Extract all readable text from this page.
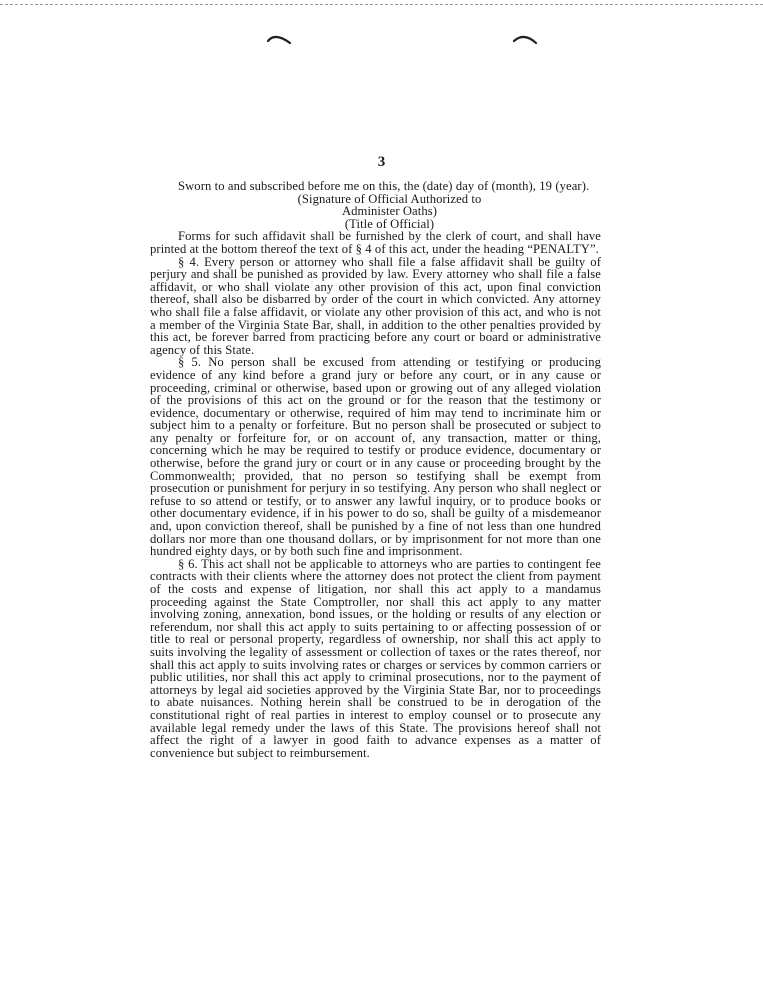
3

Sworn to and subscribed before me on this, the (date) day of (month), 19 (year).

(Signature of Official Authorized to

Administer Oaths)

(Title of Official)

Forms for such affidavit shall be furnished by the clerk of court, and shall have printed at the bottom thereof the text of § 4 of this act, under the heading “PENALTY”.

§ 4. Every person or attorney who shall file a false affidavit shall be guilty of perjury and shall be punished as provided by law. Every attorney who shall file a false affidavit, or who shall violate any other provision of this act, upon final conviction thereof, shall also be disbarred by order of the court in which convicted. Any attorney who shall file a false affidavit, or violate any other provision of this act, and who is not a member of the Virginia State Bar, shall, in addition to the other penalties provided by this act, be forever barred from practicing before any court or board or administrative agency of this State.

§ 5. No person shall be excused from attending or testifying or producing evidence of any kind before a grand jury or before any court, or in any cause or proceeding, criminal or otherwise, based upon or growing out of any alleged violation of the provisions of this act on the ground or for the reason that the testimony or evidence, documentary or otherwise, required of him may tend to incriminate him or subject him to a penalty or forfeiture. But no person shall be prosecuted or subject to any penalty or forfeiture for, or on account of, any transaction, matter or thing, concerning which he may be required to testify or produce evidence, documentary or otherwise, before the grand jury or court or in any cause or proceeding brought by the Commonwealth; provided, that no person so testifying shall be exempt from prosecution or punishment for perjury in so testifying. Any person who shall neglect or refuse to so attend or testify, or to answer any lawful inquiry, or to produce books or other documentary evidence, if in his power to do so, shall be guilty of a misdemeanor and, upon conviction thereof, shall be punished by a fine of not less than one hundred dollars nor more than one thousand dollars, or by imprisonment for not more than one hundred eighty days, or by both such fine and imprisonment.

§ 6. This act shall not be applicable to attorneys who are parties to contingent fee contracts with their clients where the attorney does not protect the client from payment of the costs and expense of litigation, nor shall this act apply to a mandamus proceeding against the State Comptroller, nor shall this act apply to any matter involving zoning, annexation, bond issues, or the holding or results of any election or referendum, nor shall this act apply to suits pertaining to or affecting possession of or title to real or personal property, regardless of ownership, nor shall this act apply to suits involving the legality of assessment or collection of taxes or the rates thereof, nor shall this act apply to suits involving rates or charges or services by common carriers or public utilities, nor shall this act apply to criminal prosecutions, nor to the payment of attorneys by legal aid societies approved by the Virginia State Bar, nor to proceedings to abate nuisances. Nothing herein shall be construed to be in derogation of the constitutional right of real parties in interest to employ counsel or to prosecute any available legal remedy under the laws of this State. The provisions hereof shall not affect the right of a lawyer in good faith to advance expenses as a matter of convenience but subject to reimbursement.
